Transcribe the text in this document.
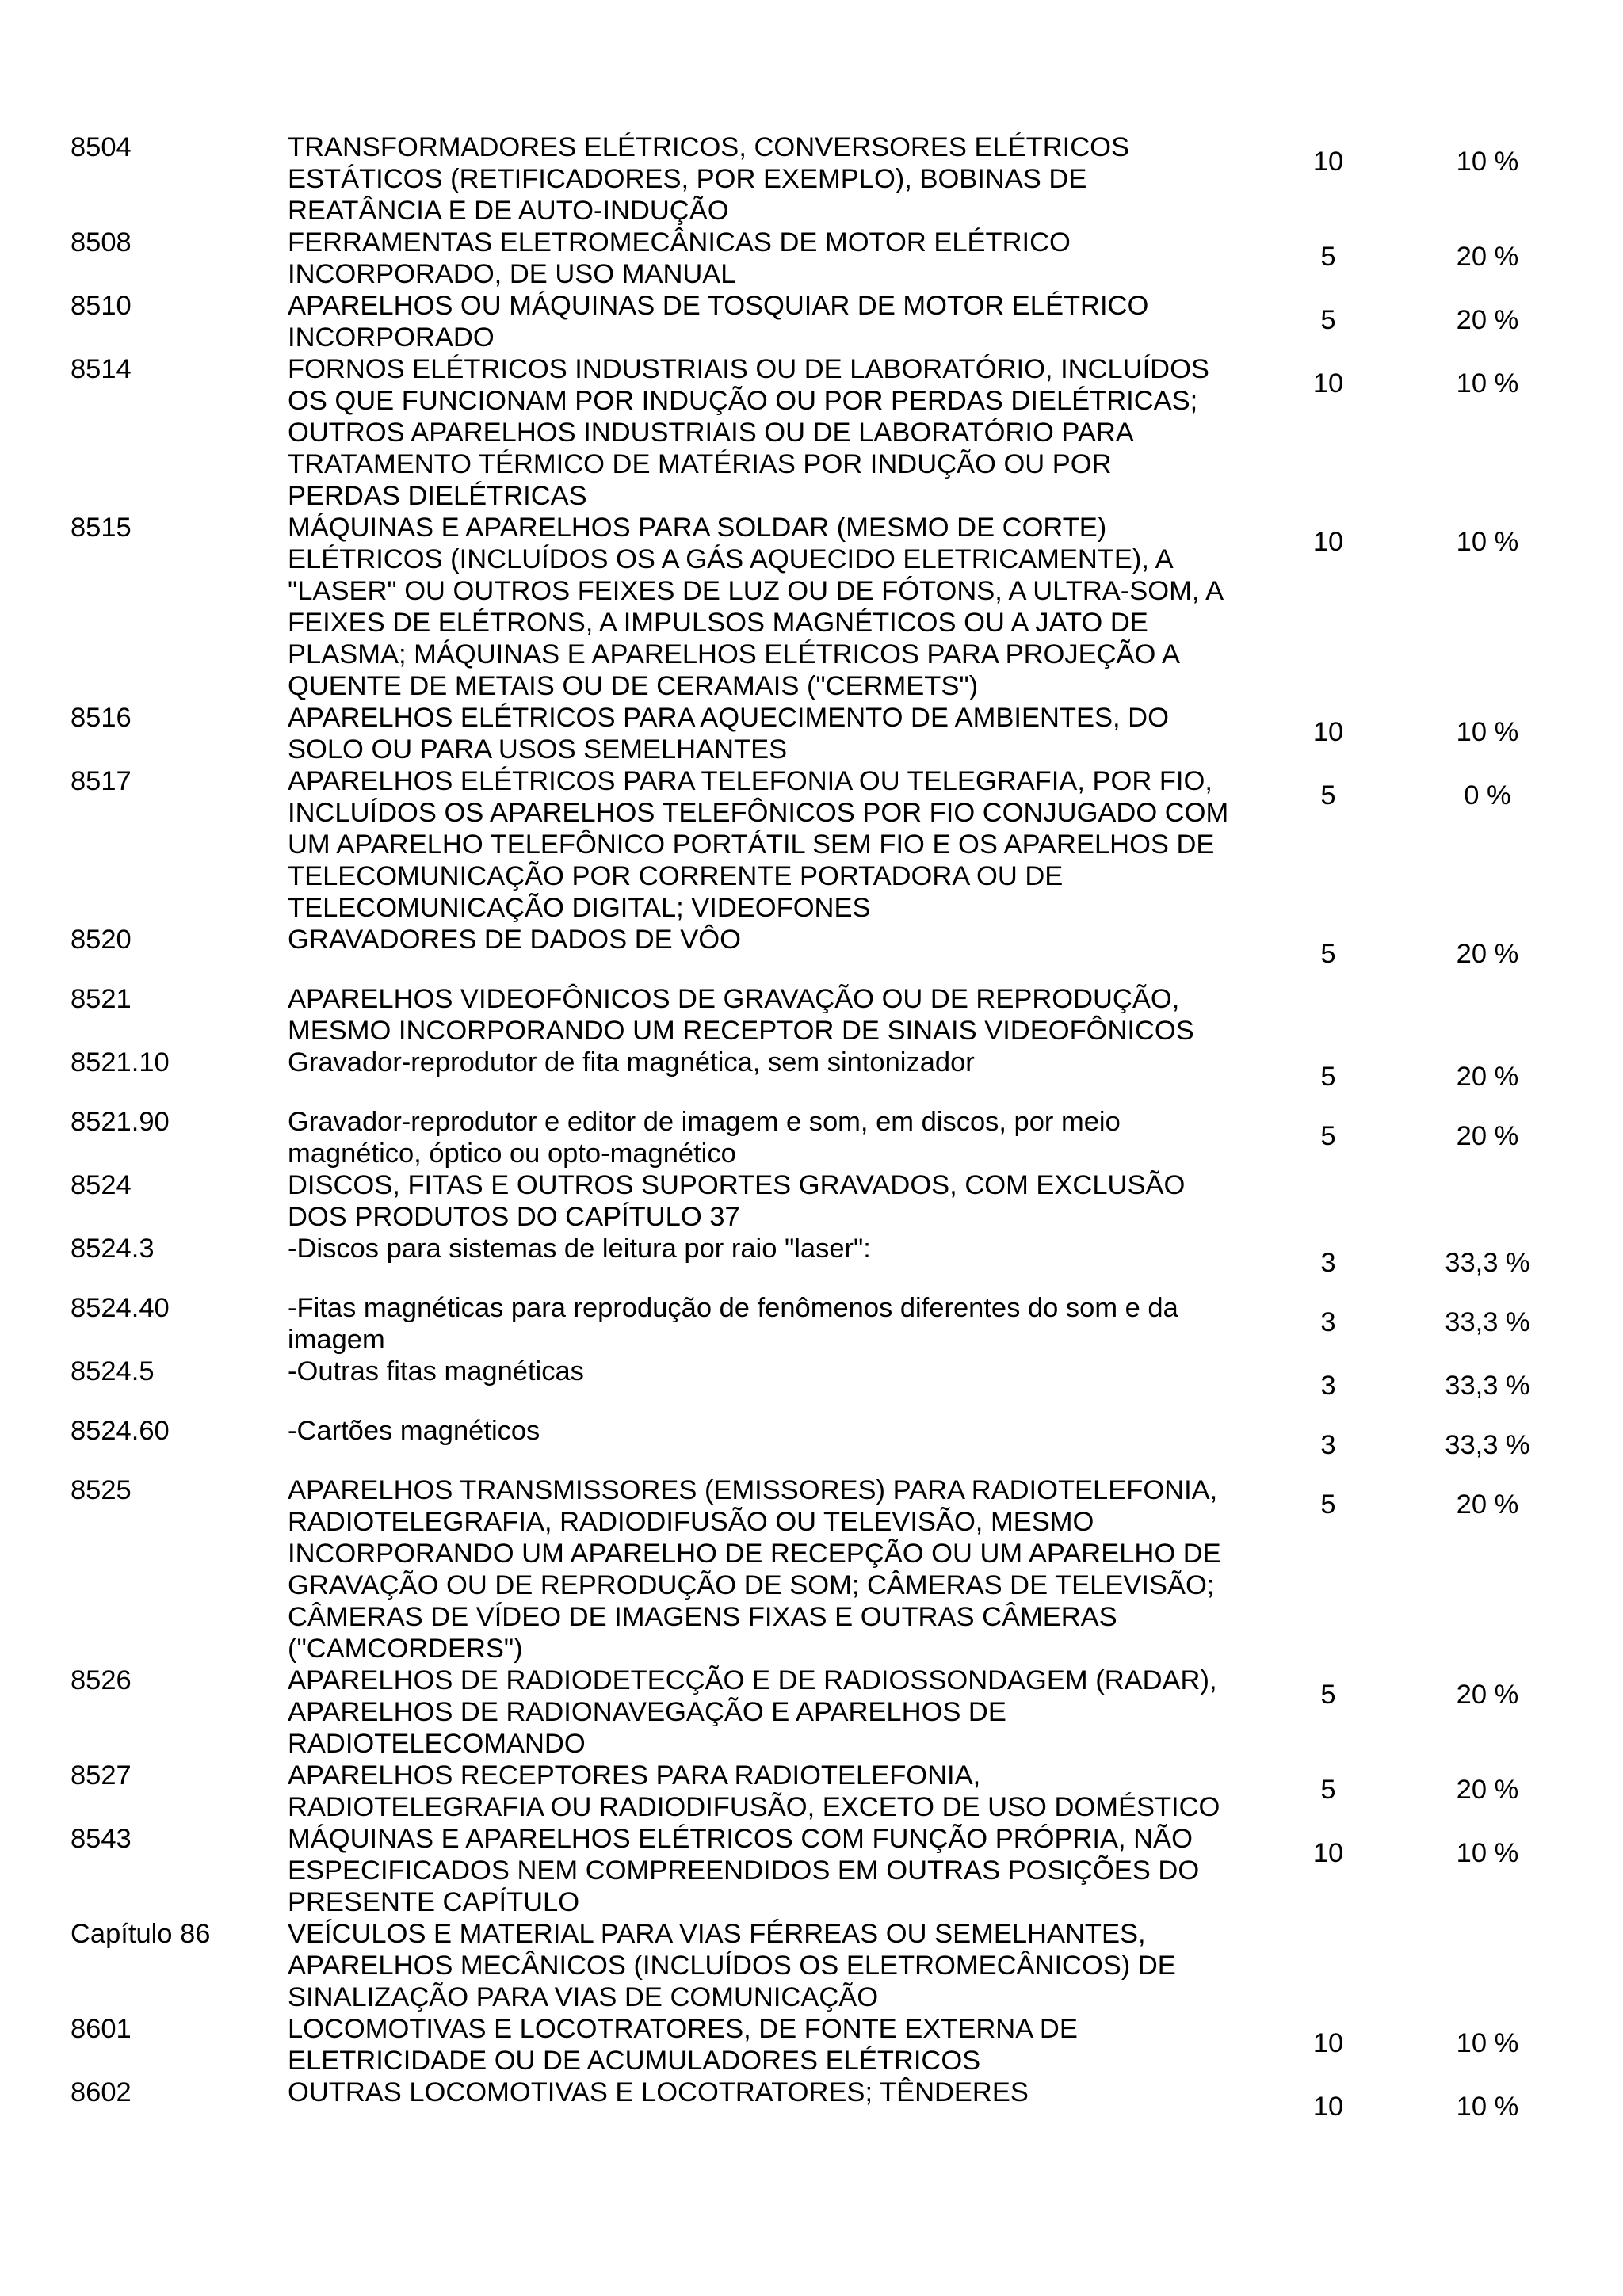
8504	TRANSFORMADORES ELÉTRICOS, CONVERSORES ELÉTRICOS
ESTÁTICOS (RETIFICADORES, POR EXEMPLO), BOBINAS DE
REATÂNCIA E DE AUTO-INDUÇÃO
10	10 %
8508	FERRAMENTAS ELETROMECÂNICAS DE MOTOR ELÉTRICO
INCORPORADO, DE USO MANUAL
5	20 %
8510	APARELHOS OU MÁQUINAS DE TOSQUIAR DE MOTOR ELÉTRICO
INCORPORADO
5	20 %
8514	FORNOS ELÉTRICOS INDUSTRIAIS OU DE LABORATÓRIO, INCLUÍDOS
OS QUE FUNCIONAM POR INDUÇÃO OU POR PERDAS DIELÉTRICAS;
OUTROS APARELHOS INDUSTRIAIS OU DE LABORATÓRIO PARA
TRATAMENTO TÉRMICO DE MATÉRIAS POR INDUÇÃO OU POR
PERDAS DIELÉTRICAS
10	10 %
8515	MÁQUINAS E APARELHOS PARA SOLDAR (MESMO DE CORTE)
ELÉTRICOS (INCLUÍDOS OS A GÁS AQUECIDO ELETRICAMENTE), A
"LASER" OU OUTROS FEIXES DE LUZ OU DE FÓTONS, A ULTRA-SOM, A
FEIXES DE ELÉTRONS, A IMPULSOS MAGNÉTICOS OU A JATO DE
PLASMA; MÁQUINAS E APARELHOS ELÉTRICOS PARA PROJEÇÃO A
QUENTE DE METAIS OU DE CERAMAIS ("CERMETS")
10	10 %
8516	APARELHOS ELÉTRICOS PARA AQUECIMENTO DE AMBIENTES, DO
SOLO OU PARA USOS SEMELHANTES
10	10 %
8517	APARELHOS ELÉTRICOS PARA TELEFONIA OU TELEGRAFIA, POR FIO,
INCLUÍDOS OS APARELHOS TELEFÔNICOS POR FIO CONJUGADO COM
UM APARELHO TELEFÔNICO PORTÁTIL SEM FIO E OS APARELHOS DE
TELECOMUNICAÇÃO POR CORRENTE PORTADORA OU DE
TELECOMUNICAÇÃO DIGITAL; VIDEOFONES
5	0 %
8520	GRAVADORES DE DADOS DE VÔO	5	20 %
8521	APARELHOS VIDEOFÔNICOS DE GRAVAÇÃO OU DE REPRODUÇÃO,
MESMO INCORPORANDO UM RECEPTOR DE SINAIS VIDEOFÔNICOS
8521.10	Gravador-reprodutor de fita magnética, sem sintonizador	5	20 %
8521.90	Gravador-reprodutor e editor de imagem e som, em discos, por meio
magnético, óptico ou opto-magnético
5	20 %
8524	DISCOS, FITAS E OUTROS SUPORTES GRAVADOS, COM EXCLUSÃO
DOS PRODUTOS DO CAPÍTULO 37
8524.3	-Discos para sistemas de leitura por raio "laser":	3	33,3 %
8524.40	-Fitas magnéticas para reprodução de fenômenos diferentes do som e da
imagem
3	33,3 %
8524.5	-Outras fitas magnéticas	3	33,3 %
8524.60	-Cartões magnéticos	3	33,3 %
8525	APARELHOS TRANSMISSORES (EMISSORES) PARA RADIOTELEFONIA,
RADIOTELEGRAFIA, RADIODIFUSÃO OU TELEVISÃO, MESMO
INCORPORANDO UM APARELHO DE RECEPÇÃO OU UM APARELHO DE
GRAVAÇÃO OU DE REPRODUÇÃO DE SOM; CÂMERAS DE TELEVISÃO;
CÂMERAS DE VÍDEO DE IMAGENS FIXAS E OUTRAS CÂMERAS
("CAMCORDERS")
5	20 %
8526	APARELHOS DE RADIODETECÇÃO E DE RADIOSSONDAGEM (RADAR),
APARELHOS DE RADIONAVEGAÇÃO E APARELHOS DE
RADIOTELECOMANDO
5	20 %
8527	APARELHOS RECEPTORES PARA RADIOTELEFONIA,
RADIOTELEGRAFIA OU RADIODIFUSÃO, EXCETO DE USO DOMÉSTICO
5	20 %
8543	MÁQUINAS E APARELHOS ELÉTRICOS COM FUNÇÃO PRÓPRIA, NÃO
ESPECIFICADOS NEM COMPREENDIDOS EM OUTRAS POSIÇÕES DO
PRESENTE CAPÍTULO
10	10 %
Capítulo 86	VEÍCULOS E MATERIAL PARA VIAS FÉRREAS OU SEMELHANTES,
APARELHOS MECÂNICOS (INCLUÍDOS OS ELETROMECÂNICOS) DE
SINALIZAÇÃO PARA VIAS DE COMUNICAÇÃO
8601	LOCOMOTIVAS E LOCOTRATORES, DE FONTE EXTERNA DE
ELETRICIDADE OU DE ACUMULADORES ELÉTRICOS
10	10 %
8602	OUTRAS LOCOMOTIVAS E LOCOTRATORES; TÊNDERES	10	10 %
